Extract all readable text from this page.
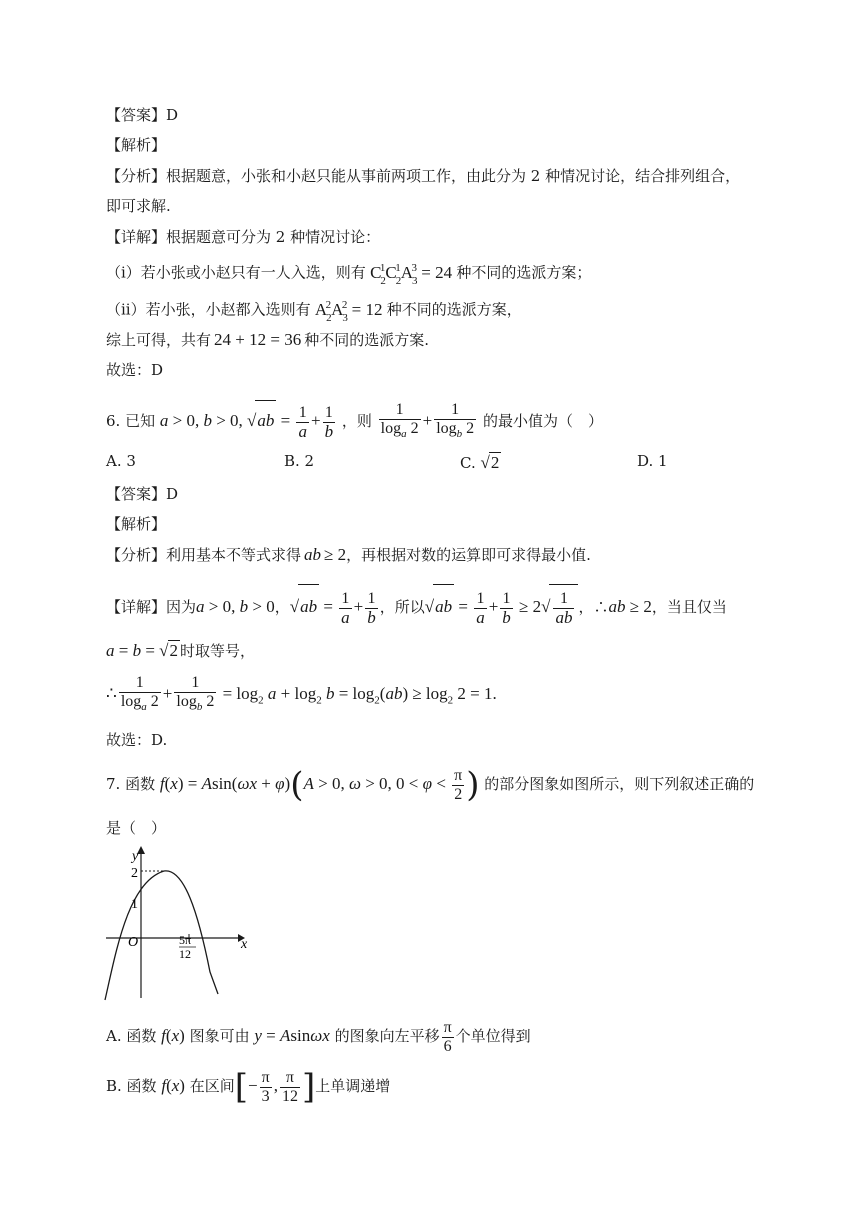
【答案】D
【解析】
【分析】根据题意，小张和小赵只能从事前两项工作，由此分为 2 种情况讨论，结合排列组合，
即可求解.
【详解】根据题意可分为 2 种情况讨论：
（i）若小张或小赵只有一人入选，则有 $C_2^1C_2^1A_3^3 = 24$ 种不同的选派方案；
（ii）若小张，小赵都入选则有 $A_2^2A_3^2 = 12$ 种不同的选派方案，
综上可得，共有 24 + 12 = 36 种不同的选派方案.
故选：D
6. 已知 a > 0, b > 0, $√ab = \frac{1}{a} + \frac{1}{b}$ ，则 $\frac{1}{\log_a 2} + \frac{1}{\log_b 2}$ 的最小值为（　）
A. 3	B. 2	C. √2	D. 1
【答案】D
【解析】
【分析】利用基本不等式求得 ab ≥ 2，再根据对数的运算即可求得最小值.
【详解】因为a > 0, b > 0，$√ab = \frac{1}{a} + \frac{1}{b}$ ，所以$√ab = \frac{1}{a} + \frac{1}{b} \ge 2√ \frac{1}{ab}$ ，∴ab ≥ 2，当且仅当
a = b = √2 时取等号，
∴ $\frac{1}{\log_a 2} + \frac{1}{\log_b 2} = \log_2 a + \log_2 b = \log_2(ab) \ge \log_2 2 = 1$.
故选：D.
7. 函数 f(x) = Asin(ωx + φ)(A > 0, ω > 0, $0 < \varphi < \frac{\pi}{2}$ ) 的部分图象如图所示，则下列叙述正确的
是（　）
y
x
2
1
O	5π
12
A. 函数 f(x) 图象可由 y = Asinωx 的图象向左平移 $\frac{\pi}{6}$ 个单位得到
B. 函数 f(x) 在区间[− $\frac{\pi}{3}$ , $\frac{\pi}{12}$ ]上单调递增
